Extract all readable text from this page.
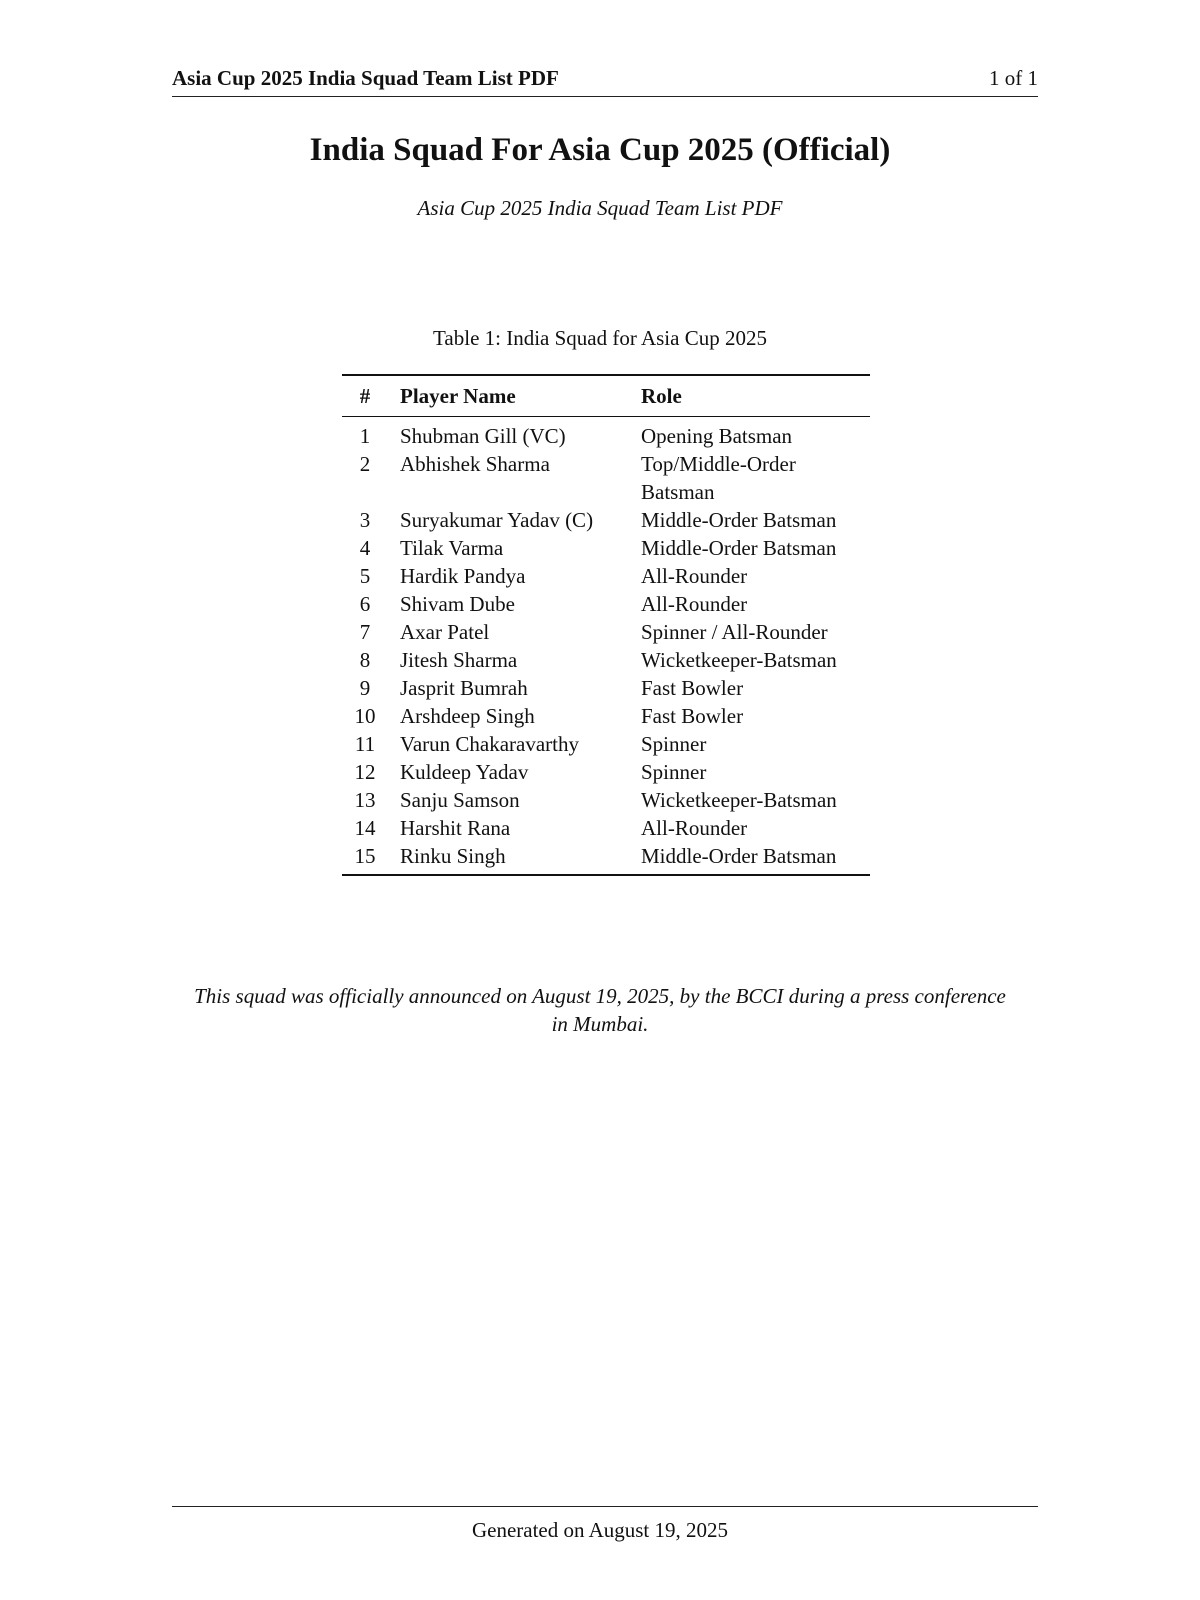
Asia Cup 2025 India Squad Team List PDF	1 of 1
India Squad For Asia Cup 2025 (Official)
Asia Cup 2025 India Squad Team List PDF
Table 1: India Squad for Asia Cup 2025
#	Player Name	Role
1	Shubman Gill (VC)	Opening Batsman

2	Abhishek Sharma	Top/Middle-Order Batsman

3	Suryakumar Yadav (C)	Middle-Order Batsman

4	Tilak Varma	Middle-Order Batsman

5	Hardik Pandya	All-Rounder

6	Shivam Dube	All-Rounder

7	Axar Patel	Spinner / All-Rounder

8	Jitesh Sharma	Wicketkeeper-Batsman

9	Jasprit Bumrah	Fast Bowler

10	Arshdeep Singh	Fast Bowler

11	Varun Chakaravarthy	Spinner

12	Kuldeep Yadav	Spinner

13	Sanju Samson	Wicketkeeper-Batsman

14	Harshit Rana	All-Rounder

15	Rinku Singh	Middle-Order Batsman
This squad was officially announced on August 19, 2025, by the BCCI during a press conference in Mumbai.
Generated on August 19, 2025
